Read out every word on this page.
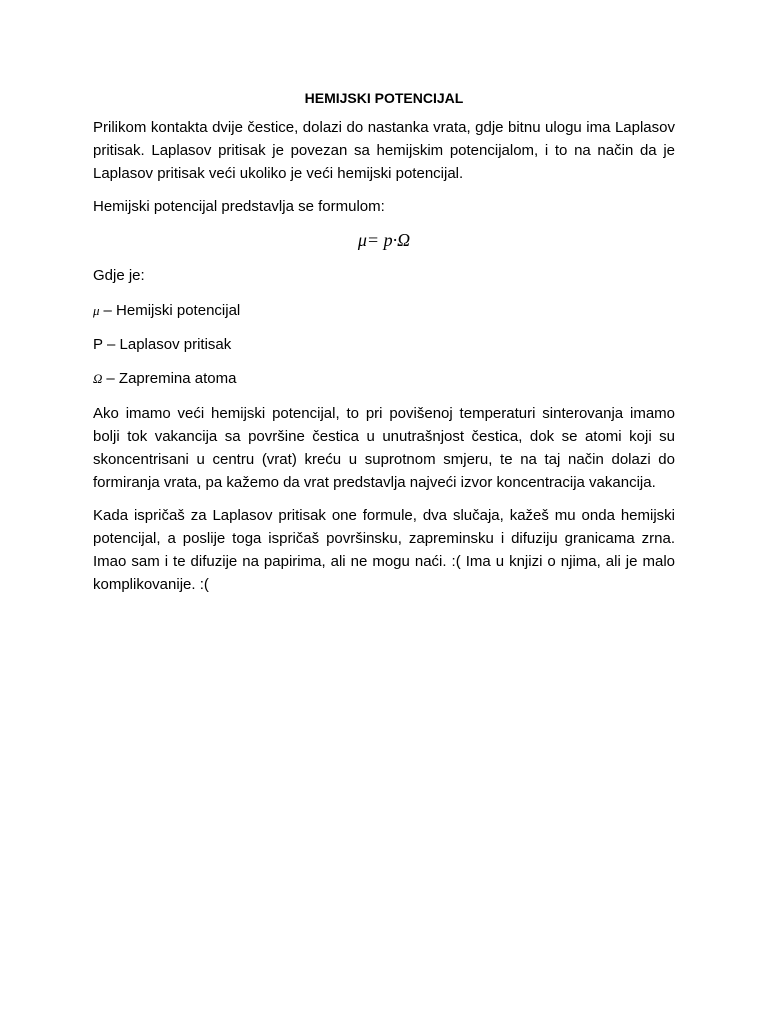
HEMIJSKI POTENCIJAL

Prilikom kontakta dvije čestice, dolazi do nastanka vrata, gdje bitnu ulogu ima Laplasov pritisak. Laplasov pritisak je povezan sa hemijskim potencijalom, i to na način da je Laplasov pritisak veći ukoliko je veći hemijski potencijal.

Hemijski potencijal predstavlja se formulom:

μ= p·Ω

Gdje je:

μ – Hemijski potencijal
P – Laplasov pritisak
Ω – Zapremina atoma

Ako imamo veći hemijski potencijal, to pri povišenoj temperaturi sinterovanja imamo bolji tok vakancija sa površine čestica u unutrašnjost čestica, dok se atomi koji su skoncentrisani u centru (vrat) kreću u suprotnom smjeru, te na taj način dolazi do formiranja vrata, pa kažemo da vrat predstavlja najveći izvor koncentracija vakancija.

Kada ispričaš za Laplasov pritisak one formule, dva slučaja, kažeš mu onda hemijski potencijal, a poslije toga ispričaš površinsku, zapreminsku i difuziju granicama zrna. Imao sam i te difuzije na papirima, ali ne mogu naći. :( Ima u knjizi o njima, ali je malo komplikovanije. :(
